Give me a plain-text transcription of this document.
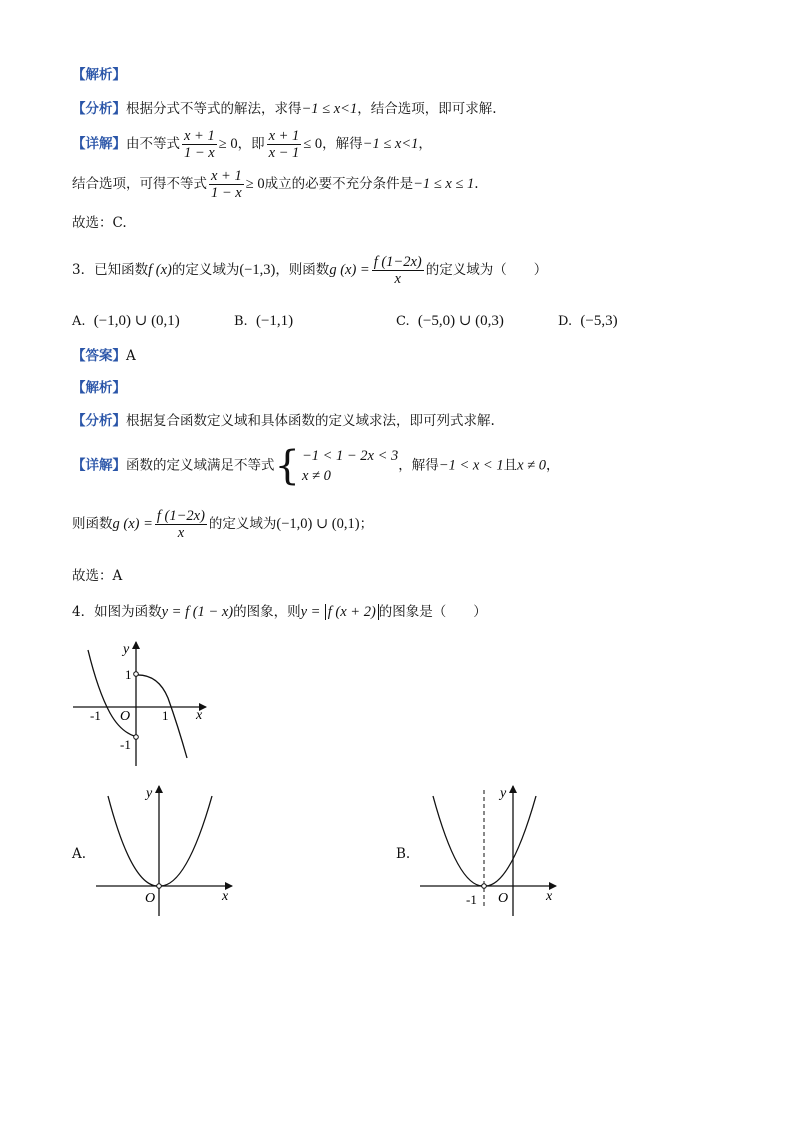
【解析】
【分析】根据分式不等式的解法，求得−1 ≤ x<1，结合选项，即可求解.
【详解】由不等式 $\frac{x + 1}{1 - x} \ge 0$，即 $\frac{x + 1}{x - 1} \le 0$，解得−1 ≤ x<1，
结合选项，可得不等式 $\frac{x + 1}{1 - x} \ge 0$成立的必要不充分条件是−1 ≤ x ≤ 1.
故选：C.
3．已知函数f (x)的定义域为(−1,3)，则函数g $(x) = \frac{f (1-2x)}{x}$ 的定义域为（　　）
A. (−1,0) ∪ (0,1)	B. (−1,1)	C. (−5,0) ∪ (0,3)	D. (−5,3)
【答案】A
【解析】
【分析】根据复合函数定义域和具体函数的定义域求法，即可列式求解.
【详解】函数的定义域满足不等式{ −1 < 1 − 2x < 3
x ≠ 0
，解得−1 < x < 1且x ≠ 0，
则函数g $(x) = \frac{f (1-2x)}{x}$ 的定义域为(−1,0) ∪ (0,1)；
故选：A
4．如图为函数y = f (1 − x)的图象，则y = f (x + 2) 的图象是（　　）
y
x
O
1
-1
-1	1
A.
y
x
O
B.
y
x
O
-1
